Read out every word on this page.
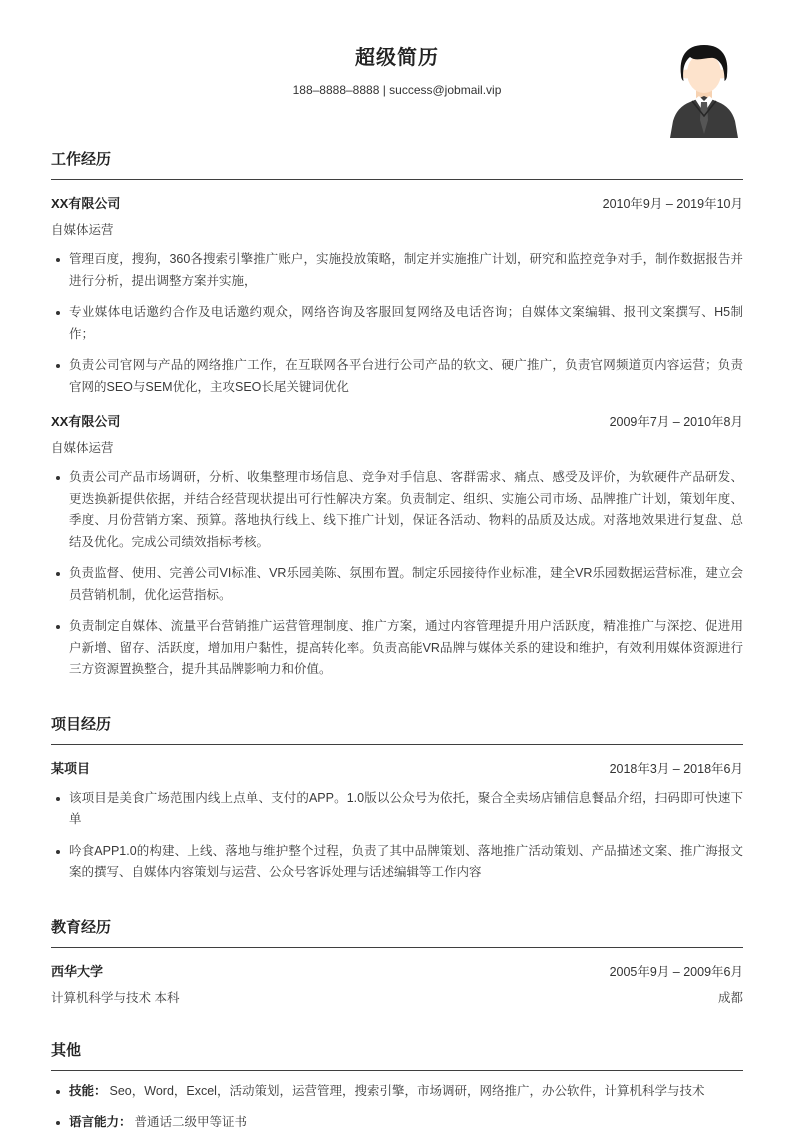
超级简历
188–8888–8888 | success@jobmail.vip
工作经历
XX有限公司	2010年9月 – 2019年10月
自媒体运营
管理百度，搜狗，360各搜索引擎推广账户，实施投放策略，制定并实施推广计划，研究和监控竞争对手，制作数据报告并进行分析，提出调整方案并实施，
专业媒体电话邀约合作及电话邀约观众，网络咨询及客服回复网络及电话咨询；自媒体文案编辑、报刊文案撰写、H5制作；
负责公司官网与产品的网络推广工作，在互联网各平台进行公司产品的软文、硬广推广，负责官网频道页内容运营；负责官网的SEO与SEM优化，主攻SEO长尾关键词优化
XX有限公司	2009年7月 – 2010年8月
自媒体运营
负责公司产品市场调研，分析、收集整理市场信息、竞争对手信息、客群需求、痛点、感受及评价，为软硬件产品研发、更迭换新提供依据，并结合经营现状提出可行性解决方案。负责制定、组织、实施公司市场、品牌推广计划，策划年度、季度、月份营销方案、预算。落地执行线上、线下推广计划，保证各活动、物料的品质及达成。对落地效果进行复盘、总结及优化。完成公司绩效指标考核。
负责监督、使用、完善公司VI标准、VR乐园美陈、氛围布置。制定乐园接待作业标准，建全VR乐园数据运营标准，建立会员营销机制，优化运营指标。
负责制定自媒体、流量平台营销推广运营管理制度、推广方案，通过内容管理提升用户活跃度，精准推广与深挖、促进用户新增、留存、活跃度，增加用户黏性，提高转化率。负责高能VR品牌与媒体关系的建设和维护，有效利用媒体资源进行三方资源置换整合，提升其品牌影响力和价值。
项目经历
某项目	2018年3月 – 2018年6月
该项目是美食广场范围内线上点单、支付的APP。1.0版以公众号为依托，聚合全卖场店铺信息餐品介绍，扫码即可快速下单
吟食APP1.0的构建、上线、落地与维护整个过程，负责了其中品牌策划、落地推广活动策划、产品描述文案、推广海报文案的撰写、自媒体内容策划与运营、公众号客诉处理与话述编辑等工作内容
教育经历
西华大学	2005年9月 – 2009年6月
计算机科学与技术 本科	成都
其他
技能： Seo，Word，Excel，活动策划，运营管理，搜索引擎，市场调研，网络推广，办公软件，计算机科学与技术
语言能力： 普通话二级甲等证书
